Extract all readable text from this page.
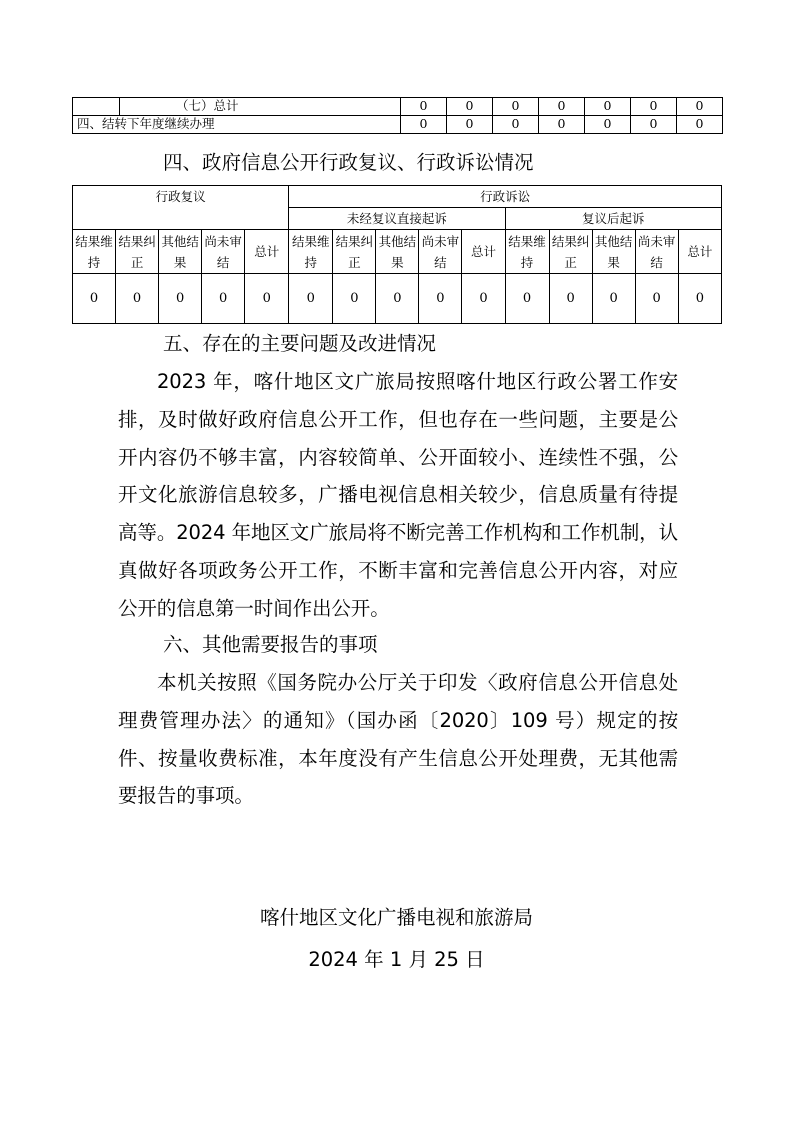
	（七）总计	0	0	0	0	0	0	0
四、结转下年度继续办理		0	0	0	0	0	0	0
四、政府信息公开行政复议、行政诉讼情况
行政复议					行政诉讼									
					未经复议直接起诉					复议后起诉				
结果维持	结果纠正	其他结果	尚未审结	总计	结果维持	结果纠正	其他结果	尚未审结	总计	结果维持	结果纠正	其他结果	尚未审结	总计
0	0	0	0	0	0	0	0	0	0	0	0	0	0	0
五、存在的主要问题及改进情况

2023 年，喀什地区文广旅局按照喀什地区行政公署工作安排，及时做好政府信息公开工作，但也存在一些问题，主要是公开内容仍不够丰富，内容较简单、公开面较小、连续性不强，公开文化旅游信息较多，广播电视信息相关较少，信息质量有待提高等。2024 年地区文广旅局将不断完善工作机构和工作机制，认真做好各项政务公开工作，不断丰富和完善信息公开内容，对应公开的信息第一时间作出公开。

六、其他需要报告的事项

本机关按照《国务院办公厅关于印发〈政府信息公开信息处理费管理办法〉的通知》（国办函〔2020〕109 号）规定的按件、按量收费标准，本年度没有产生信息公开处理费，无其他需要报告的事项。

喀什地区文化广播电视和旅游局
2024 年 1 月 25 日
